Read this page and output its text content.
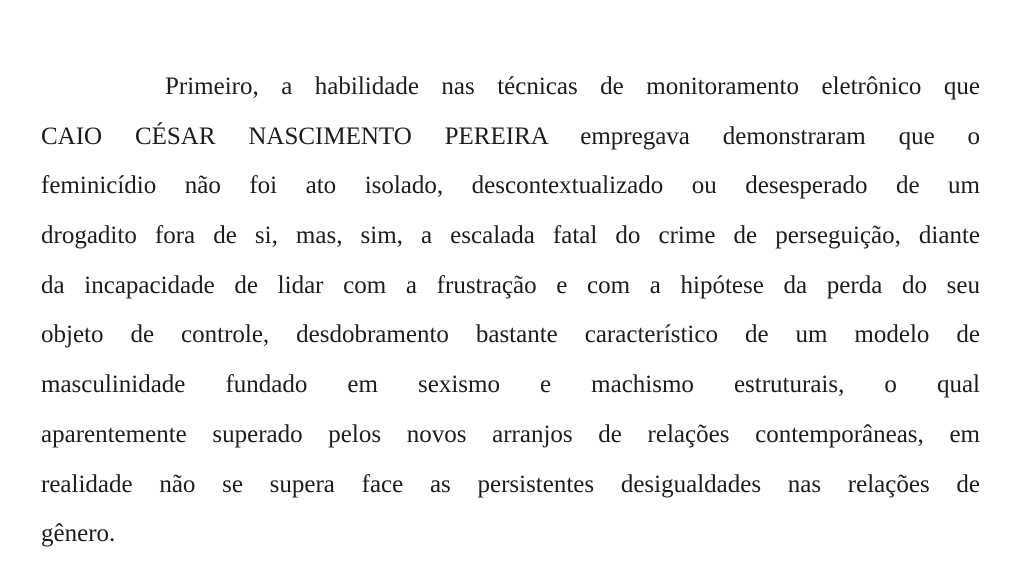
Primeiro, a habilidade nas técnicas de monitoramento eletrônico que
CAIO CÉSAR NASCIMENTO PEREIRA empregava demonstraram que o
feminicídio não foi ato isolado, descontextualizado ou desesperado de um
drogadito fora de si, mas, sim, a escalada fatal do crime de perseguição, diante
da incapacidade de lidar com a frustração e com a hipótese da perda do seu
objeto de controle, desdobramento bastante característico de um modelo de
masculinidade fundado em sexismo e machismo estruturais, o qual
aparentemente superado pelos novos arranjos de relações contemporâneas, em
realidade não se supera face as persistentes desigualdades nas relações de
gênero.
